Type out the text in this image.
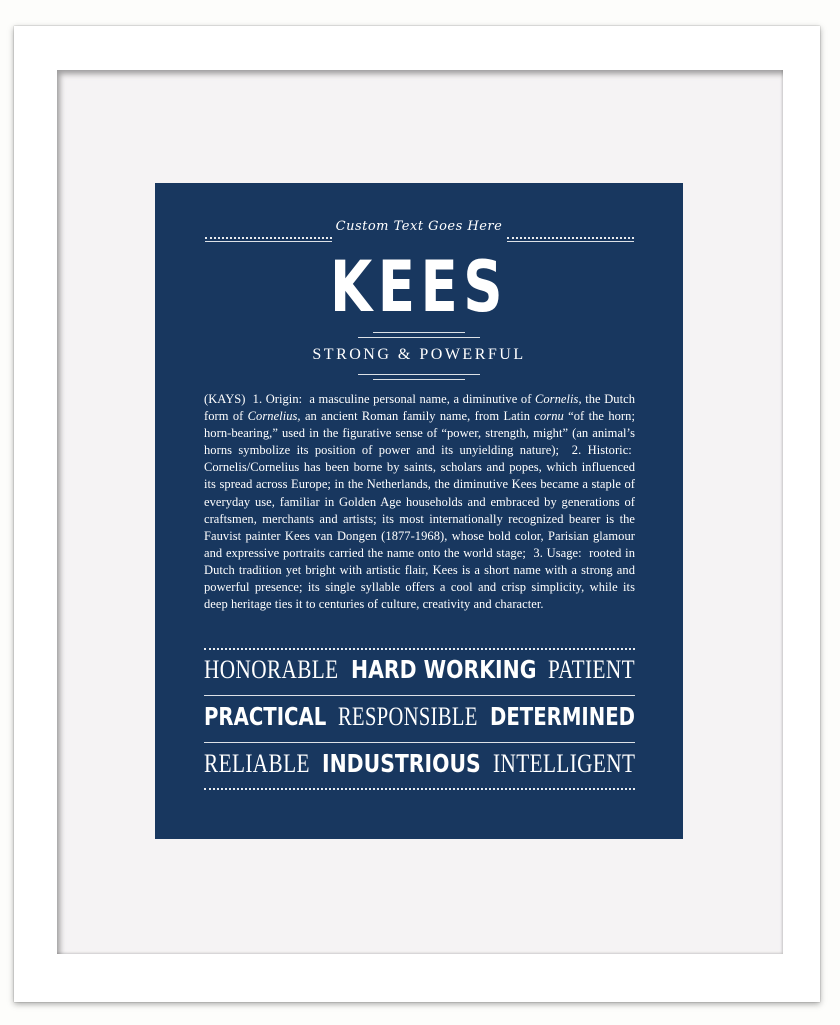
Custom Text Goes Here
KEES
STRONG & POWERFUL
(KAYS) 1. Origin: a masculine personal name, a diminutive of Cornelis, the Dutch form of Cornelius, an ancient Roman family name, from Latin cornu “of the horn; horn-bearing,” used in the figurative sense of “power, strength, might” (an animal’s horns symbolize its position of power and its unyielding nature); 2. Historic:  Cornelis/Cornelius has been borne by saints, scholars and popes, which influenced its spread across Europe; in the Netherlands, the diminutive Kees became a staple of everyday use, familiar in Golden Age households and embraced by generations of craftsmen, merchants and artists; its most internationally recognized bearer is the Fauvist painter Kees van Dongen (1877-1968), whose bold color, Parisian glamour and expressive portraits carried the name onto the world stage; 3. Usage: rooted in Dutch tradition yet bright with artistic flair, Kees is a short name with a strong and powerful presence; its single syllable offers a cool and crisp simplicity, while its deep heritage ties it to centuries of culture, creativity and character.
HONORABLE HARD WORKING PATIENT
PRACTICAL RESPONSIBLE DETERMINED
RELIABLE INDUSTRIOUS INTELLIGENT
